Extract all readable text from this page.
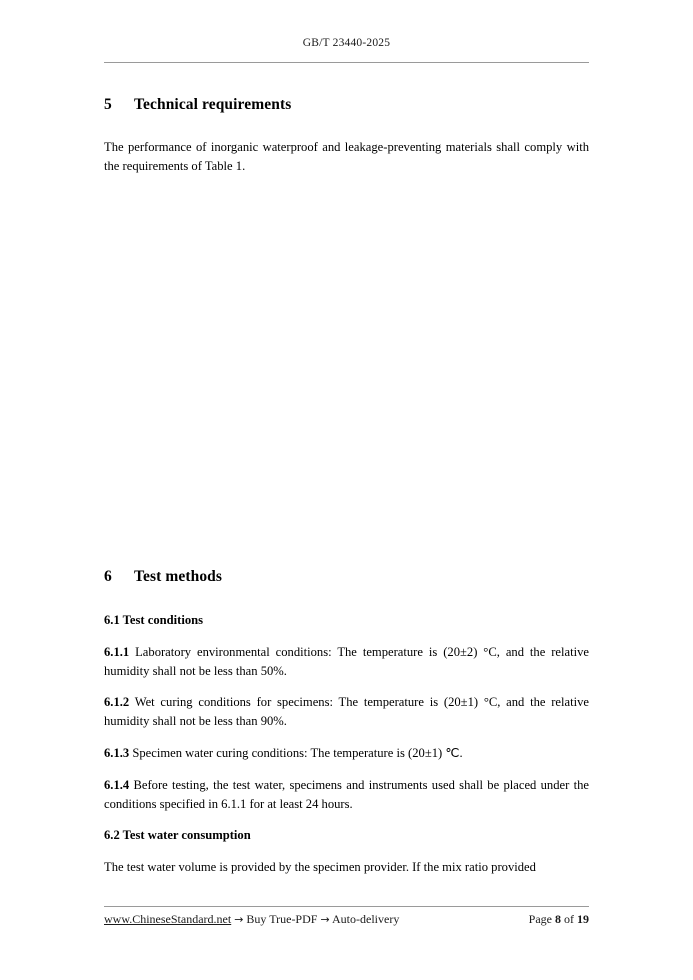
GB/T 23440-2025
5 Technical requirements
The performance of inorganic waterproof and leakage-preventing materials shall comply with the requirements of Table 1.
6 Test methods
6.1 Test conditions
6.1.1 Laboratory environmental conditions: The temperature is (20±2) °C, and the relative humidity shall not be less than 50%.
6.1.2 Wet curing conditions for specimens: The temperature is (20±1) °C, and the relative humidity shall not be less than 90%.
6.1.3 Specimen water curing conditions: The temperature is (20±1) ℃.
6.1.4 Before testing, the test water, specimens and instruments used shall be placed under the conditions specified in 6.1.1 for at least 24 hours.
6.2 Test water consumption
The test water volume is provided by the specimen provider. If the mix ratio provided
www.ChineseStandard.net → Buy True-PDF → Auto-delivery	Page 8 of 19
